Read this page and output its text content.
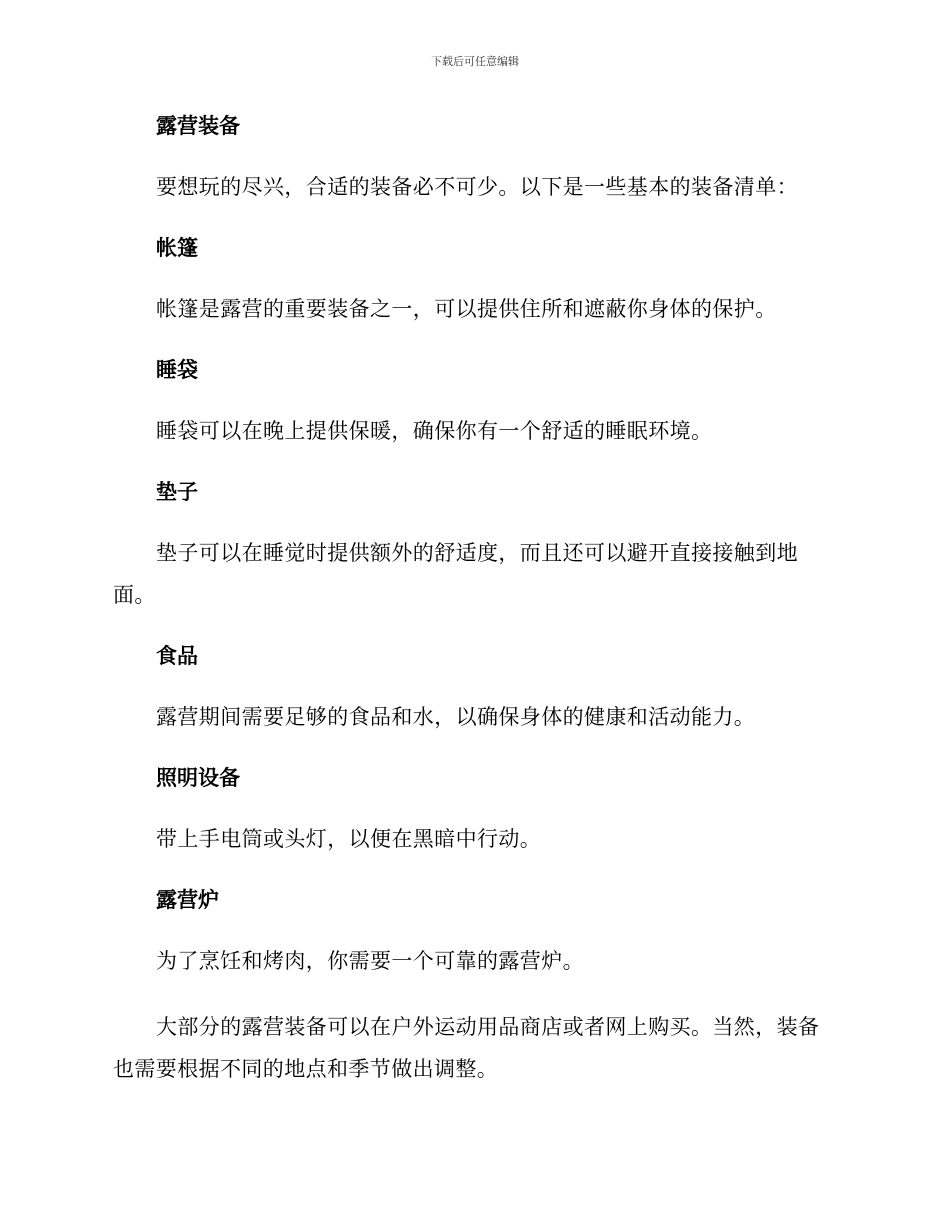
下载后可任意编辑
露营装备

要想玩的尽兴，合适的装备必不可少。以下是一些基本的装备清单：

帐篷

帐篷是露营的重要装备之一，可以提供住所和遮蔽你身体的保护。

睡袋

睡袋可以在晚上提供保暖，确保你有一个舒适的睡眠环境。

垫子

垫子可以在睡觉时提供额外的舒适度，而且还可以避开直接接触到地面。

食品

露营期间需要足够的食品和水，以确保身体的健康和活动能力。

照明设备

带上手电筒或头灯，以便在黑暗中行动。

露营炉

为了烹饪和烤肉，你需要一个可靠的露营炉。

大部分的露营装备可以在户外运动用品商店或者网上购买。当然，装备也需要根据不同的地点和季节做出调整。
